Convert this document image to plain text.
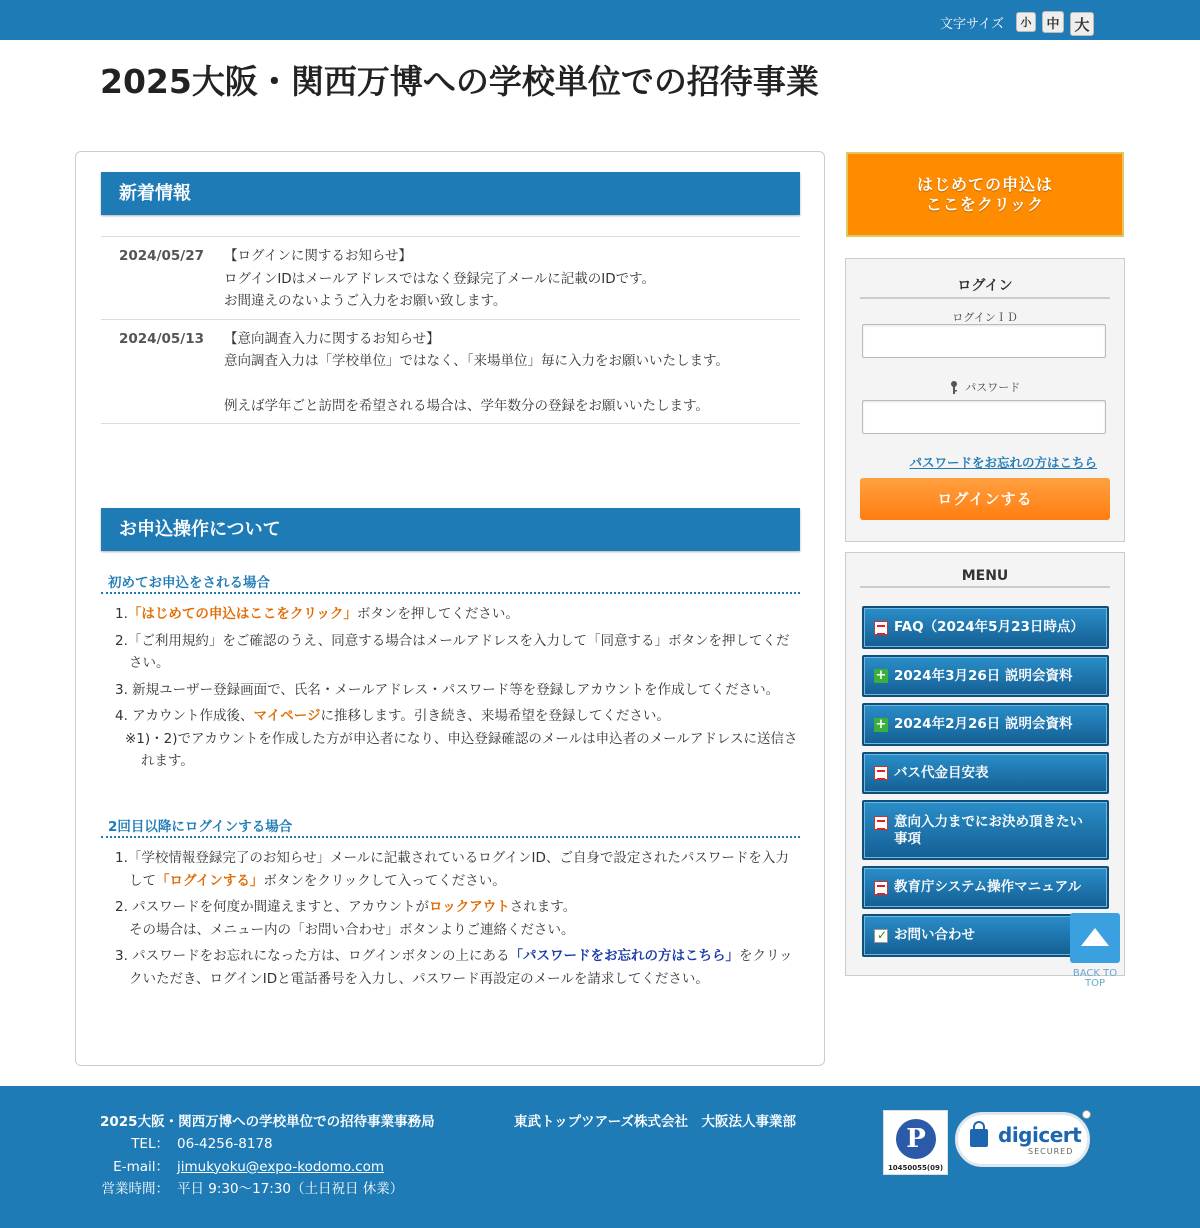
文字サイズ	小	中 大
2025大阪・関西万博への学校単位での招待事業
新着情報
2024/05/27	【ログインに関するお知らせ】
ログインIDはメールアドレスではなく登録完了メールに記載のIDです。
お間違えのないようご入力をお願い致します。
2024/05/13	【意向調査入力に関するお知らせ】
意向調査入力は「学校単位」ではなく、「来場単位」毎に入力をお願いいたします。
例えば学年ごと訪問を希望される場合は、学年数分の登録をお願いいたします。
お申込操作について
初めてお申込をされる場合
1.「はじめての申込はここをクリック」ボタンを押してください。
2.「ご利用規約」をご確認のうえ、同意する場合はメールアドレスを入力して「同意する」ボタンを押してください。
3. 新規ユーザー登録画面で、氏名・メールアドレス・パスワード等を登録しアカウントを作成してください。
4. アカウント作成後、マイページに推移します。引き続き、来場希望を登録してください。
※1)・2)でアカウントを作成した方が申込者になり、申込登録確認のメールは申込者のメールアドレスに送信されます。
2回目以降にログインする場合
1.「学校情報登録完了のお知らせ」メールに記載されているログインID、ご自身で設定されたパスワードを入力して「ログインする」ボタンをクリックして入ってください。
2. パスワードを何度か間違えますと、アカウントがロックアウトされます。
その場合は、メニュー内の「お問い合わせ」ボタンよりご連絡ください。
3. パスワードをお忘れになった方は、ログインボタンの上にある「パスワードをお忘れの方はこちら」をクリックいただき、ログインIDと電話番号を入力し、パスワード再設定のメールを請求してください。
はじめての申込は
ここをクリック
ログイン
ログインＩＤ
パスワード
パスワードをお忘れの方はこちら
ログインする
MENU
FAQ（2024年5月23日時点）
+ 2024年3月26日 説明会資料
+ 2024年2月26日 説明会資料
バス代金目安表
意向入力までにお決め頂きたい事項
教育庁システム操作マニュアル
✓
お問い合わせ
BACK TO TOP
2025大阪・関西万博への学校単位での招待事業事務局	東武トップツアーズ株式会社　大阪法人事業部
TEL： 06-4256-8178
E-mail： jimukyoku@expo-kodomo.com
営業時間： 平日 9:30～17:30（土日祝日 休業）
P
10450055(09)
digicert
SECURED
